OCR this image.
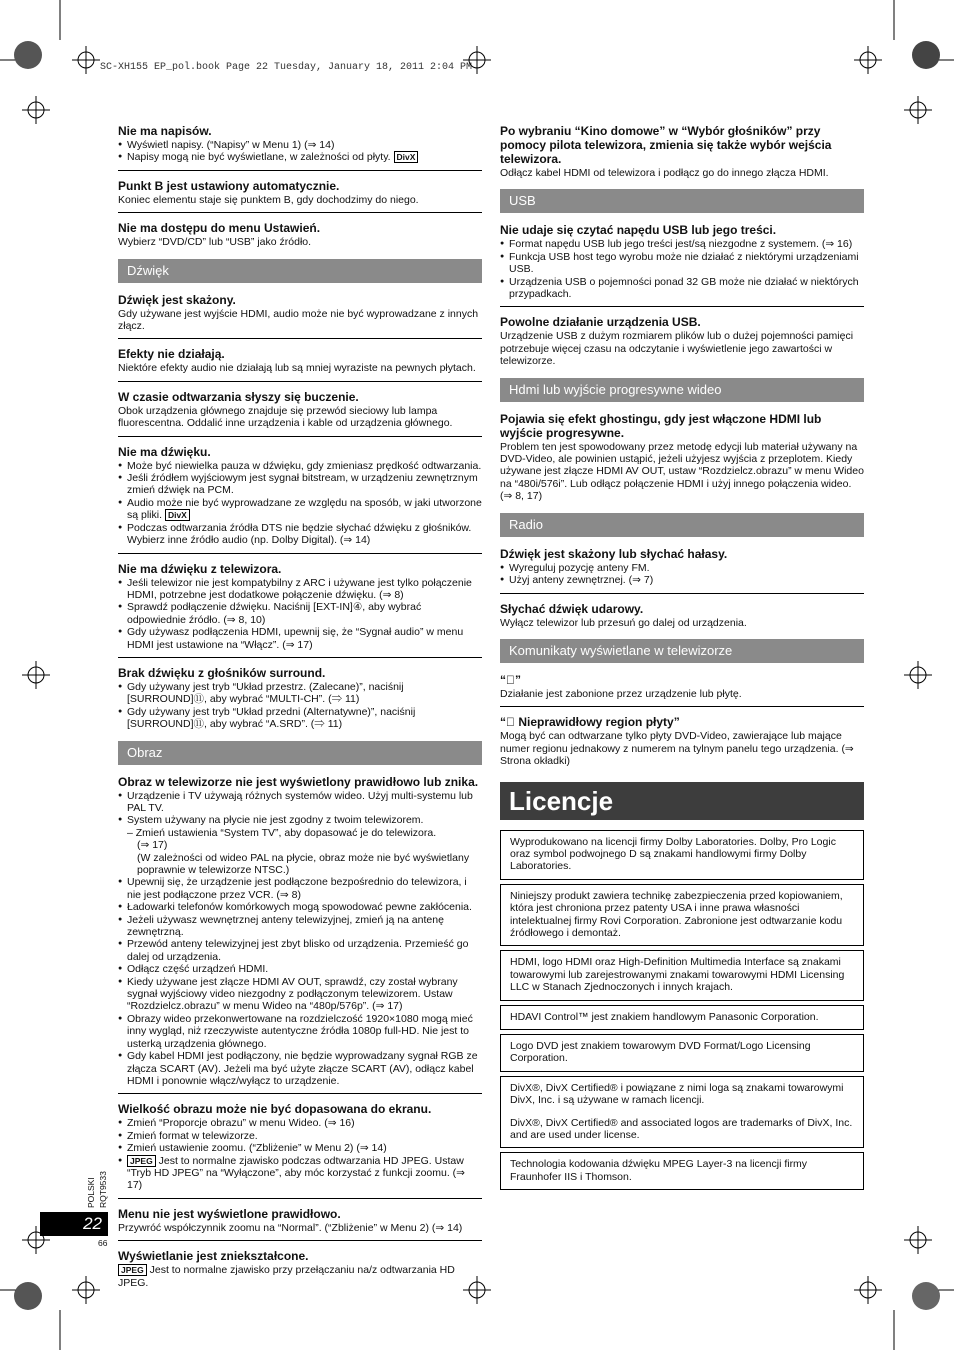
SC-XH155 EP_pol.book Page 22 Tuesday, January 18, 2011 2:04 PM
Nie ma napisów.
● Wyświetl napisy. (“Napisy” w Menu 1) (⇒ 14)
● Napisy mogą nie być wyświetlane, w zależności od płyty. DivX
Punkt B jest ustawiony automatycznie.
Koniec elementu staje się punktem B, gdy dochodzimy do niego.
Nie ma dostępu do menu Ustawień.
Wybierz “DVD/CD” lub “USB” jako źródło.
Dźwięk
Dźwięk jest skażony.
Gdy używane jest wyjście HDMI, audio może nie być wyprowadzane z innych złącz.
Efekty nie działają.
Niektóre efekty audio nie działają lub są mniej wyraziste na pewnych płytach.
W czasie odtwarzania słyszy się buczenie.
Obok urządzenia głównego znajduje się przewód sieciowy lub lampa fluorescentna. Oddalić inne urządzenia i kable od urządzenia głównego.
Nie ma dźwięku.
● Może być niewielka pauza w dźwięku, gdy zmieniasz prędkość odtwarzania.
● Jeśli źródłem wyjściowym jest sygnał bitstream, w urządzeniu zewnętrznym zmień dźwięk na PCM.
● Audio może nie być wyprowadzane ze względu na sposób, w jaki utworzone są pliki. DivX
● Podczas odtwarzania źródła DTS nie będzie słychać dźwięku z głośników. Wybierz inne źródło audio (np. Dolby Digital). (⇒ 14)
Nie ma dźwięku z telewizora.
● Jeśli telewizor nie jest kompatybilny z ARC i używane jest tylko połączenie HDMI, potrzebne jest dodatkowe połączenie dźwięku. (⇒ 8)
● Sprawdź podłączenie dźwięku. Naciśnij [EXT-IN]④, aby wybrać odpowiednie źródło. (⇒ 8, 10)
● Gdy używasz podłączenia HDMI, upewnij się, że “Sygnał audio” w menu HDMI jest ustawione na “Włącz”. (⇒ 17)
Brak dźwięku z głośników surround.
● Gdy używany jest tryb “Układ przestrz. (Zalecane)”, naciśnij [SURROUND]⑪, aby wybrać “MULTI-CH”. (⇒ 11)
● Gdy używany jest tryb “Układ przedni (Alternatywne)”, naciśnij [SURROUND]⑪, aby wybrać “A.SRD”. (⇒ 11)
Obraz
Obraz w telewizorze nie jest wyświetlony prawidłowo lub znika.
● Urządzenie i TV używają różnych systemów wideo. Użyj multi-systemu lub PAL TV.
● System używany na płycie nie jest zgodny z twoim telewizorem.
– Zmień ustawienia “System TV”, aby dopasować je do telewizora.
(⇒ 17)
(W zależności od wideo PAL na płycie, obraz może nie być wyświetlany poprawnie w telewizorze NTSC.)
● Upewnij się, że urządzenie jest podłączone bezpośrednio do telewizora, i nie jest podłączone przez VCR. (⇒ 8)
● Ładowarki telefonów komórkowych mogą spowodować pewne zakłócenia.
● Jeżeli używasz wewnętrznej anteny telewizyjnej, zmień ją na antenę zewnętrzną.
● Przewód anteny telewizyjnej jest zbyt blisko od urządzenia. Przemieść go dalej od urządzenia.
● Odłącz część urządzeń HDMI.
● Kiedy używane jest złącze HDMI AV OUT, sprawdź, czy został wybrany sygnał wyjściowy video niezgodny z podłączonym telewizorem. Ustaw “Rozdzielcz.obrazu” w menu Wideo na “480p/576p”. (⇒ 17)
● Obrazy wideo przekonwertowane na rozdzielczość 1920×1080 mogą mieć inny wygląd, niż rzeczywiste autentyczne źródła 1080p full-HD. Nie jest to usterką urządzenia głównego.
● Gdy kabel HDMI jest podłączony, nie będzie wyprowadzany sygnał RGB ze złącza SCART (AV). Jeżeli ma być użyte złącze SCART (AV), odłącz kabel HDMI i ponownie włącz/wyłącz to urządzenie.
Wielkość obrazu może nie być dopasowana do ekranu.
● Zmień “Proporcje obrazu” w menu Wideo. (⇒ 16)
● Zmień format w telewizorze.
● Zmień ustawienie zoomu. (“Zbliżenie” w Menu 2) (⇒ 14)
● JPEG Jest to normalne zjawisko podczas odtwarzania HD JPEG. Ustaw “Tryb HD JPEG” na “Wyłączone”, aby móc korzystać z funkcji zoomu. (⇒ 17)
Menu nie jest wyświetlone prawidłowo.
Przywróć współczynnik zoomu na “Normal”. (“Zbliżenie” w Menu 2) (⇒ 14)
Wyświetlanie jest zniekształcone.
JPEG Jest to normalne zjawisko przy przełączaniu na/z odtwarzania HD JPEG.
Po wybraniu “Kino domowe” w “Wybór głośników” przy pomocy pilota telewizora, zmienia się także wybór wejścia telewizora.
Odłącz kabel HDMI od telewizora i podłącz go do innego złącza HDMI.
USB
Nie udaje się czytać napędu USB lub jego treści.
● Format napędu USB lub jego treści jest/są niezgodne z systemem. (⇒ 16)
● Funkcja USB host tego wyrobu może nie działać z niektórymi urządzeniami USB.
● Urządzenia USB o pojemności ponad 32 GB może nie działać w niektórych przypadkach.
Powolne działanie urządzenia USB.
Urządzenie USB z dużym rozmiarem plików lub o dużej pojemności pamięci potrzebuje więcej czasu na odczytanie i wyświetlenie jego zawartości w telewizorze.
Hdmi lub wyjście progresywne wideo
Pojawia się efekt ghostingu, gdy jest włączone HDMI lub wyjście progresywne.
Problem ten jest spowodowany przez metodę edycji lub materiał używany na DVD-Video, ale powinien ustąpić, jeżeli użyjesz wyjścia z przeplotem. Kiedy używane jest złącze HDMI AV OUT, ustaw “Rozdzielcz.obrazu” w menu Wideo na “480i/576i”. Lub odłącz połączenie HDMI i użyj innego połączenia wideo. (⇒ 8, 17)
Radio
Dźwięk jest skażony lub słychać hałasy.
● Wyreguluj pozycję anteny FM.
● Użyj anteny zewnętrznej. (⇒ 7)
Słychać dźwięk udarowy.
Wyłącz telewizor lub przesuń go dalej od urządzenia.
Komunikaty wyświetlane w telewizorze
“⃠”
Działanie jest zabonione przez urządzenie lub płytę.
“⃠ Nieprawidłowy region płyty”
Mogą być can odtwarzane tylko płyty DVD-Video, zawierające lub mające numer regionu jednakowy z numerem na tylnym panelu tego urządzenia. (⇒ Strona okładki)
Licencje
Wyprodukowano na licencji firmy Dolby Laboratories. Dolby, Pro Logic oraz symbol podwojnego D są znakami handlowymi firmy Dolby Laboratories.
Niniejszy produkt zawiera technikę zabezpieczenia przed kopiowaniem, która jest chroniona przez patenty USA i inne prawa własności intelektualnej firmy Rovi Corporation. Zabronione jest odtwarzanie kodu źródłowego i demontaż.
HDMI, logo HDMI oraz High-Definition Multimedia Interface są znakami towarowymi lub zarejestrowanymi znakami towarowymi HDMI Licensing LLC w Stanach Zjednoczonych i innych krajach.
HDAVI Control™ jest znakiem handlowym Panasonic Corporation.
Logo DVD jest znakiem towarowym DVD Format/Logo Licensing Corporation.
DivX®, DivX Certified® i powiązane z nimi loga są znakami towarowymi DivX, Inc. i są używane w ramach licencji.
DivX®, DivX Certified® and associated logos are trademarks of DivX, Inc. and are used under license.
Technologia kodowania dźwięku MPEG Layer-3 na licencji firmy Fraunhofer IIS i Thomson.
POLSKI RQT9533
22
66
